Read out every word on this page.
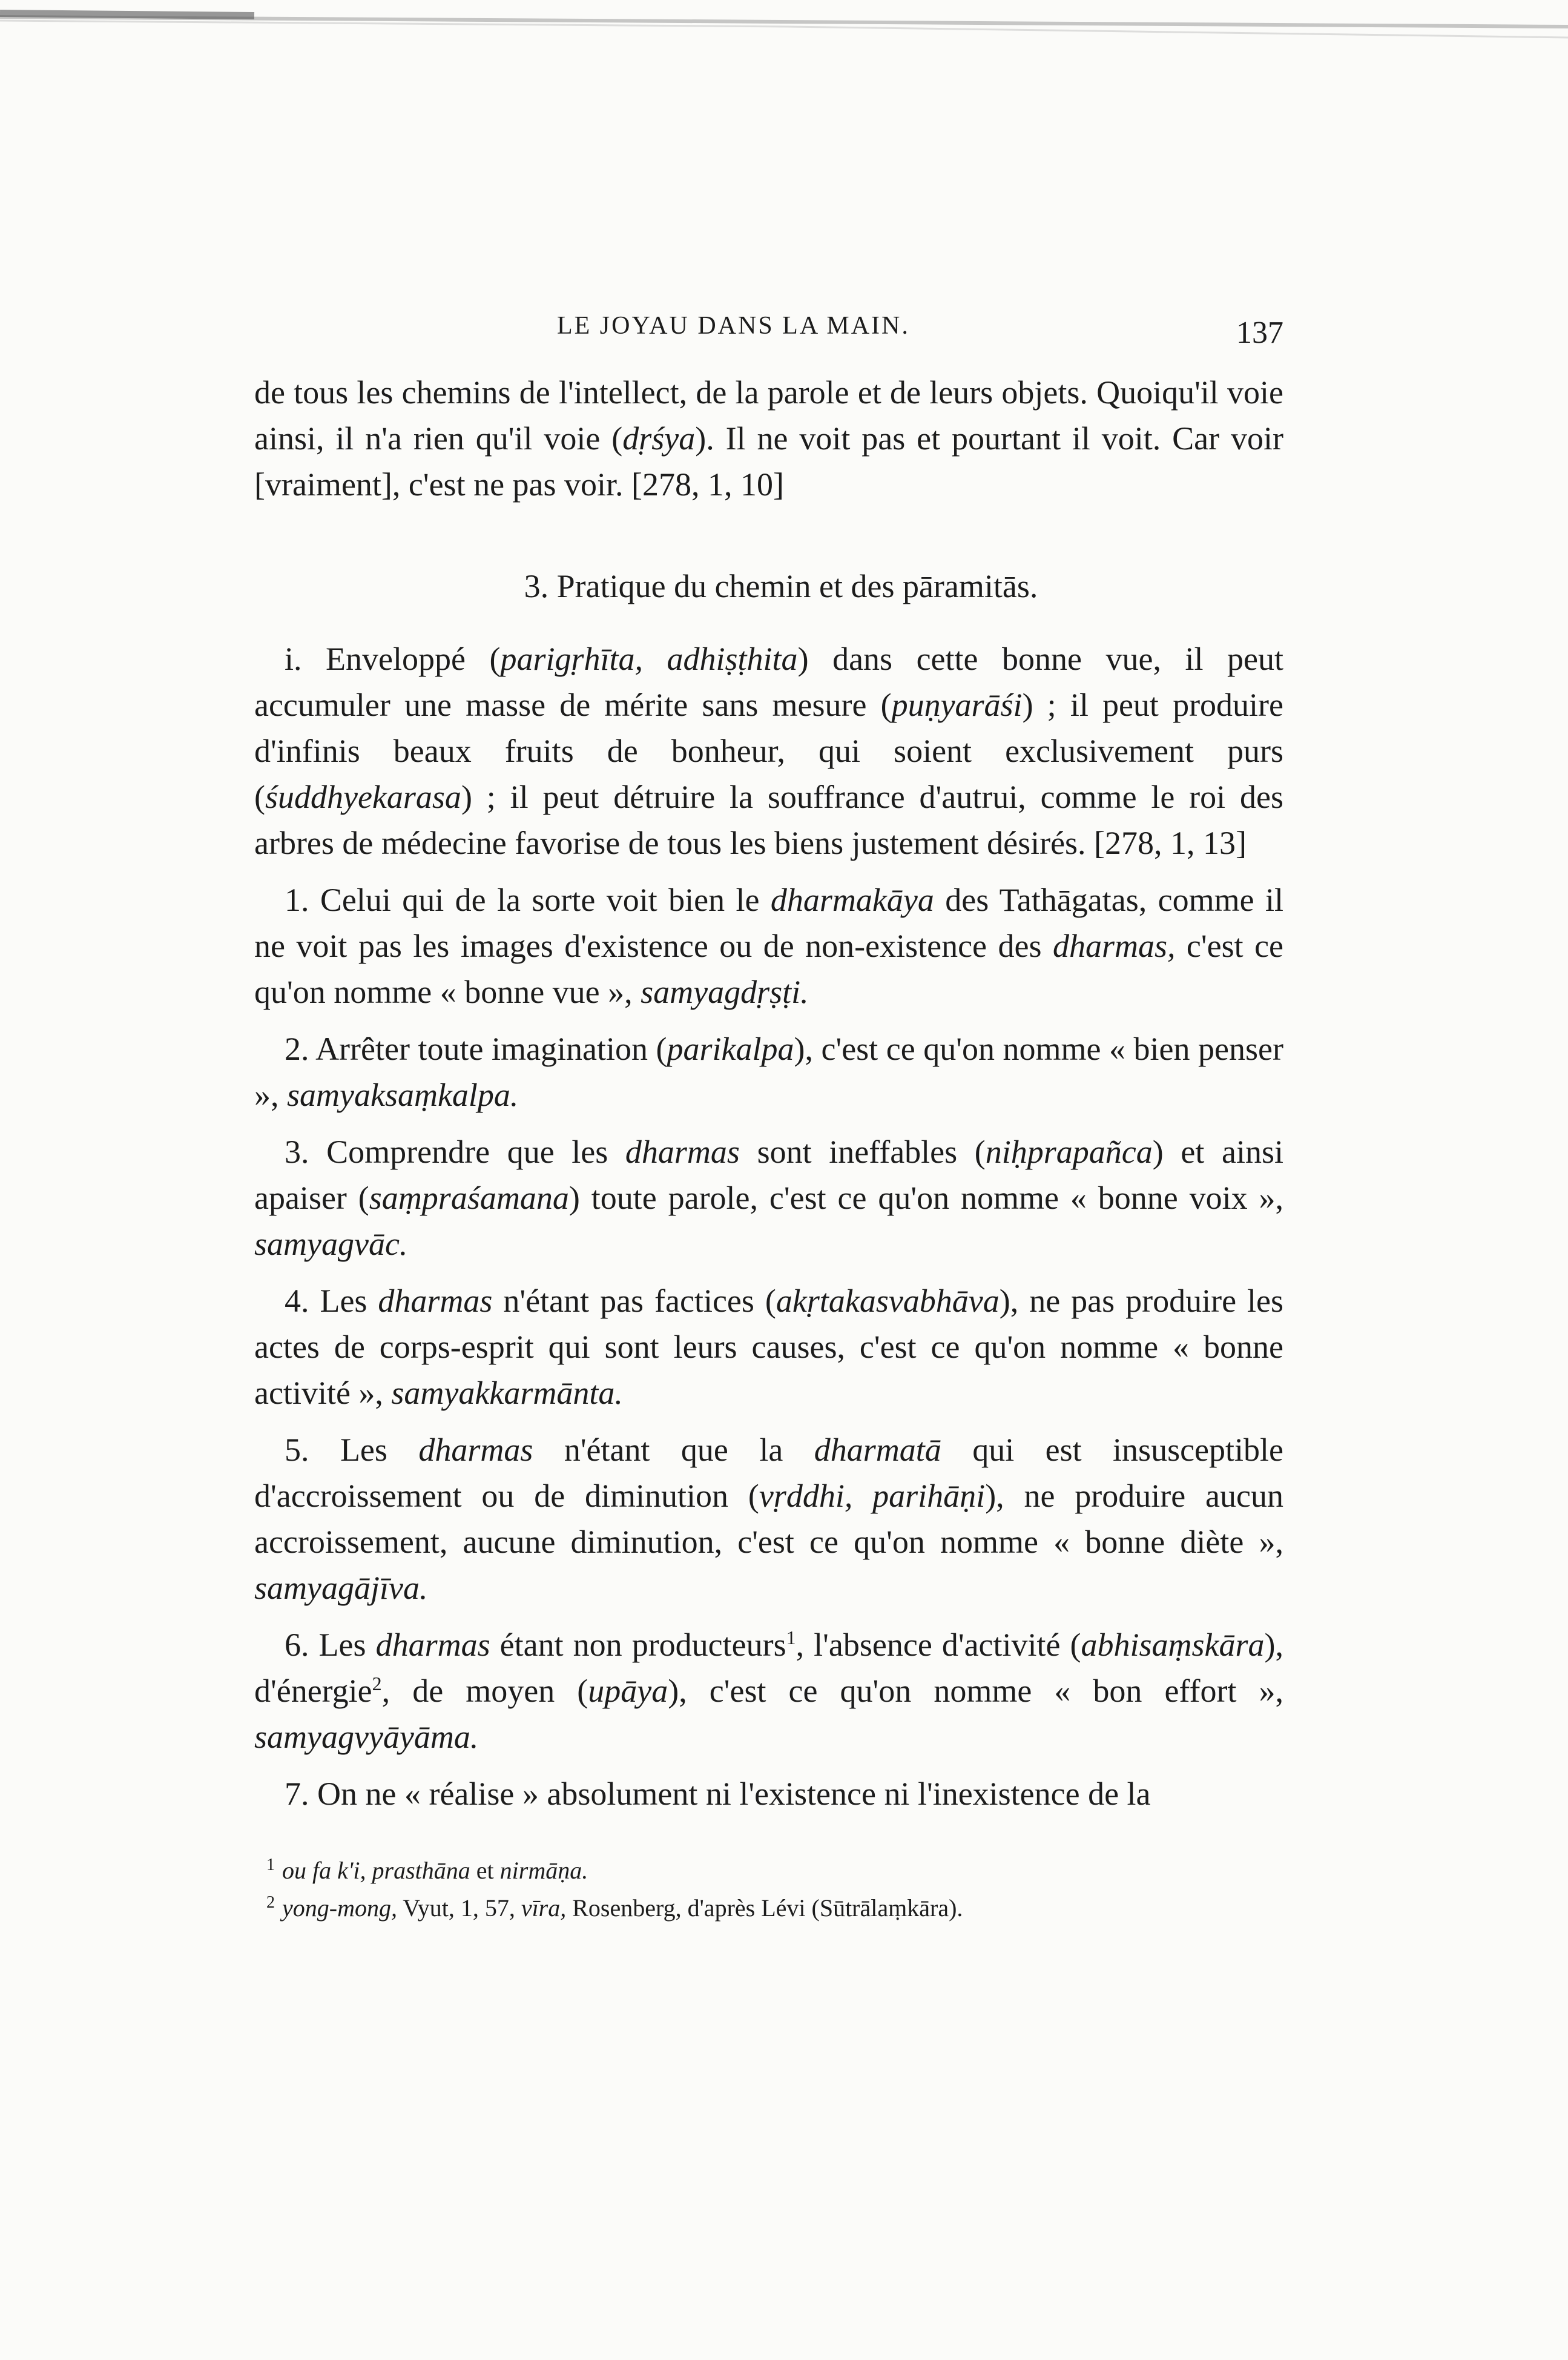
LE JOYAU DANS LA MAIN.	137

de tous les chemins de l'intellect, de la parole et de leurs objets. Quoiqu'il voie ainsi, il n'a rien qu'il voie (dṛśya). Il ne voit pas et pourtant il voit. Car voir [vraiment], c'est ne pas voir. [278, 1, 10]

3. Pratique du chemin et des pāramitās.

i. Enveloppé (parigṛhīta, adhiṣṭhita) dans cette bonne vue, il peut accumuler une masse de mérite sans mesure (puṇyarāśi) ; il peut produire d'infinis beaux fruits de bonheur, qui soient exclusivement purs (śuddhyekarasa) ; il peut détruire la souffrance d'autrui, comme le roi des arbres de médecine favorise de tous les biens justement désirés. [278, 1, 13]

1. Celui qui de la sorte voit bien le dharmakāya des Tathāgatas, comme il ne voit pas les images d'existence ou de non-existence des dharmas, c'est ce qu'on nomme « bonne vue », samyagdṛṣṭi.

2. Arrêter toute imagination (parikalpa), c'est ce qu'on nomme « bien penser », samyaksaṃkalpa.

3. Comprendre que les dharmas sont ineffables (niḥprapañca) et ainsi apaiser (saṃpraśamana) toute parole, c'est ce qu'on nomme « bonne voix », samyagvāc.

4. Les dharmas n'étant pas factices (akṛtakasvabhāva), ne pas produire les actes de corps-esprit qui sont leurs causes, c'est ce qu'on nomme « bonne activité », samyakkarmānta.

5. Les dharmas n'étant que la dharmatā qui est insusceptible d'accroissement ou de diminution (vṛddhi, parihāṇi), ne produire aucun accroissement, aucune diminution, c'est ce qu'on nomme « bonne diète », samyagājīva.

6. Les dharmas étant non producteurs$^1$, l'absence d'activité (abhisaṃskāra), d'énergie$^2$, de moyen (upāya), c'est ce qu'on nomme « bon effort », samyagvyāyāma.

7. On ne « réalise » absolument ni l'existence ni l'inexistence de la

$^1$ ou fa k'i, prasthāna et nirmāṇa.

$^2$ yong-mong, Vyut, 1, 57, vīra, Rosenberg, d'après Lévi (Sūtrālaṃkāra).
